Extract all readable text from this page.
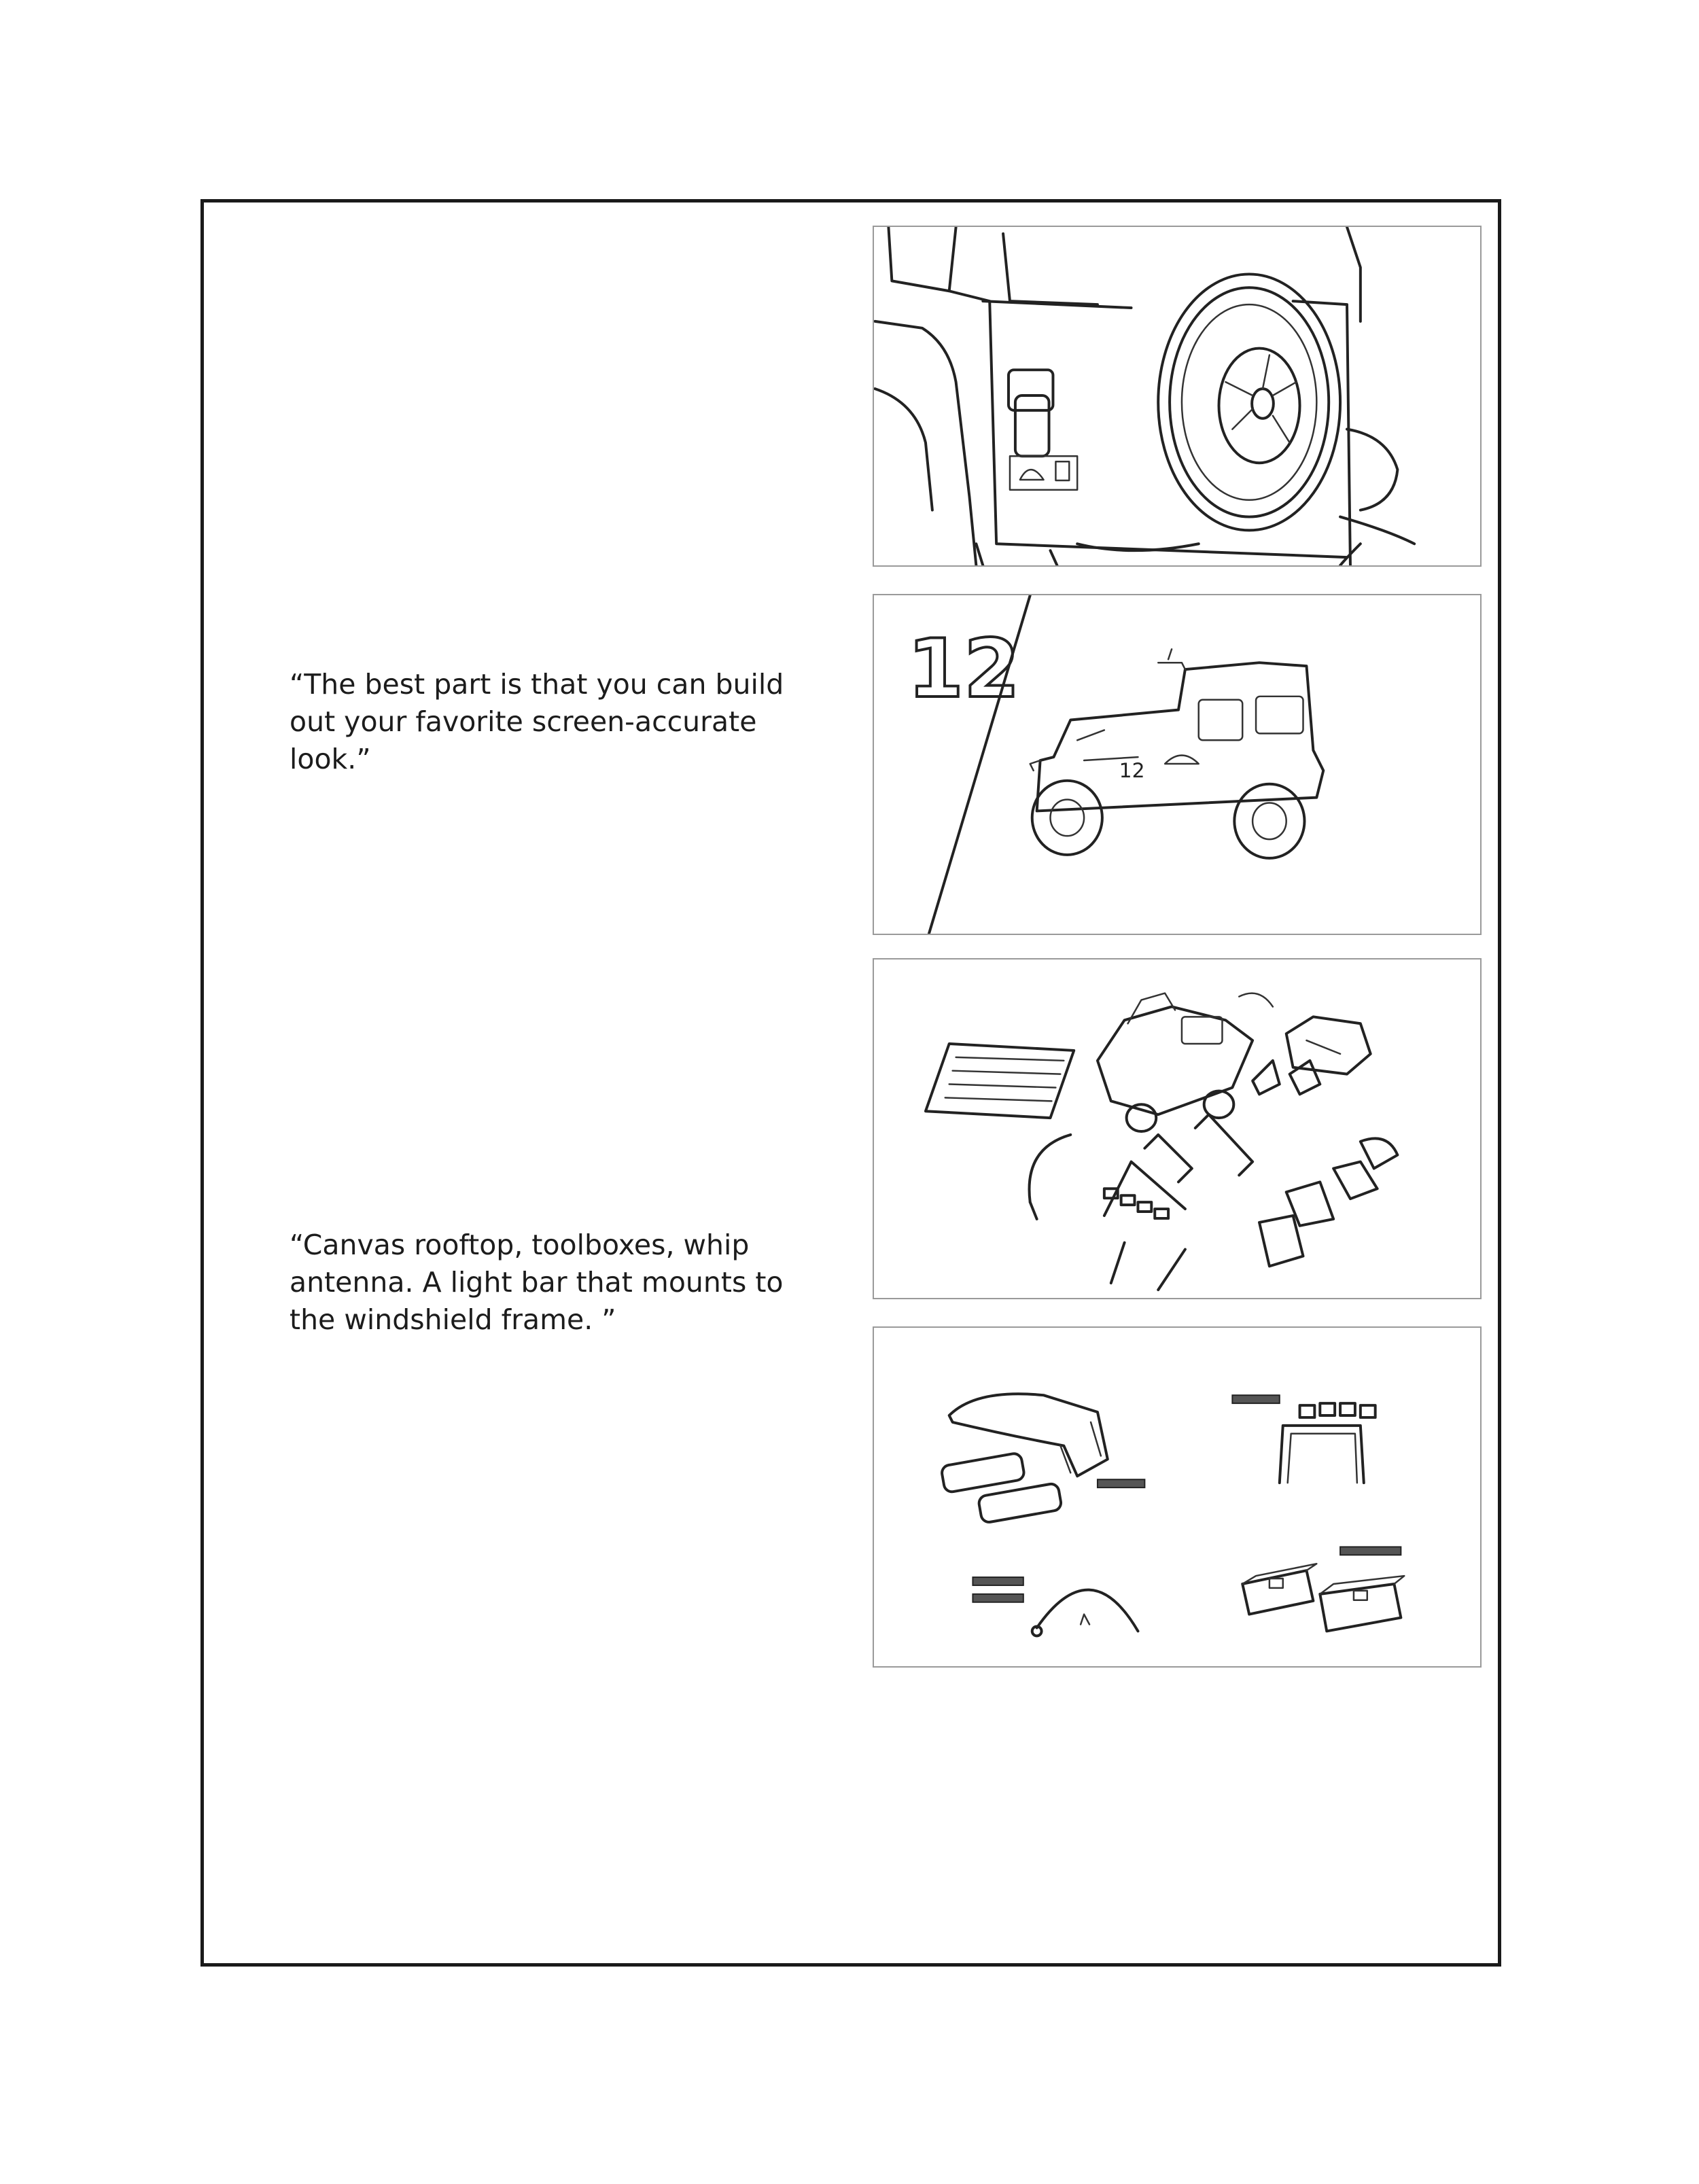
“The best part is that you can build out your favorite screen-accurate look.”

“Canvas rooftop, toolboxes, whip antenna. A light bar that mounts to the windshield frame. ”

12
12
